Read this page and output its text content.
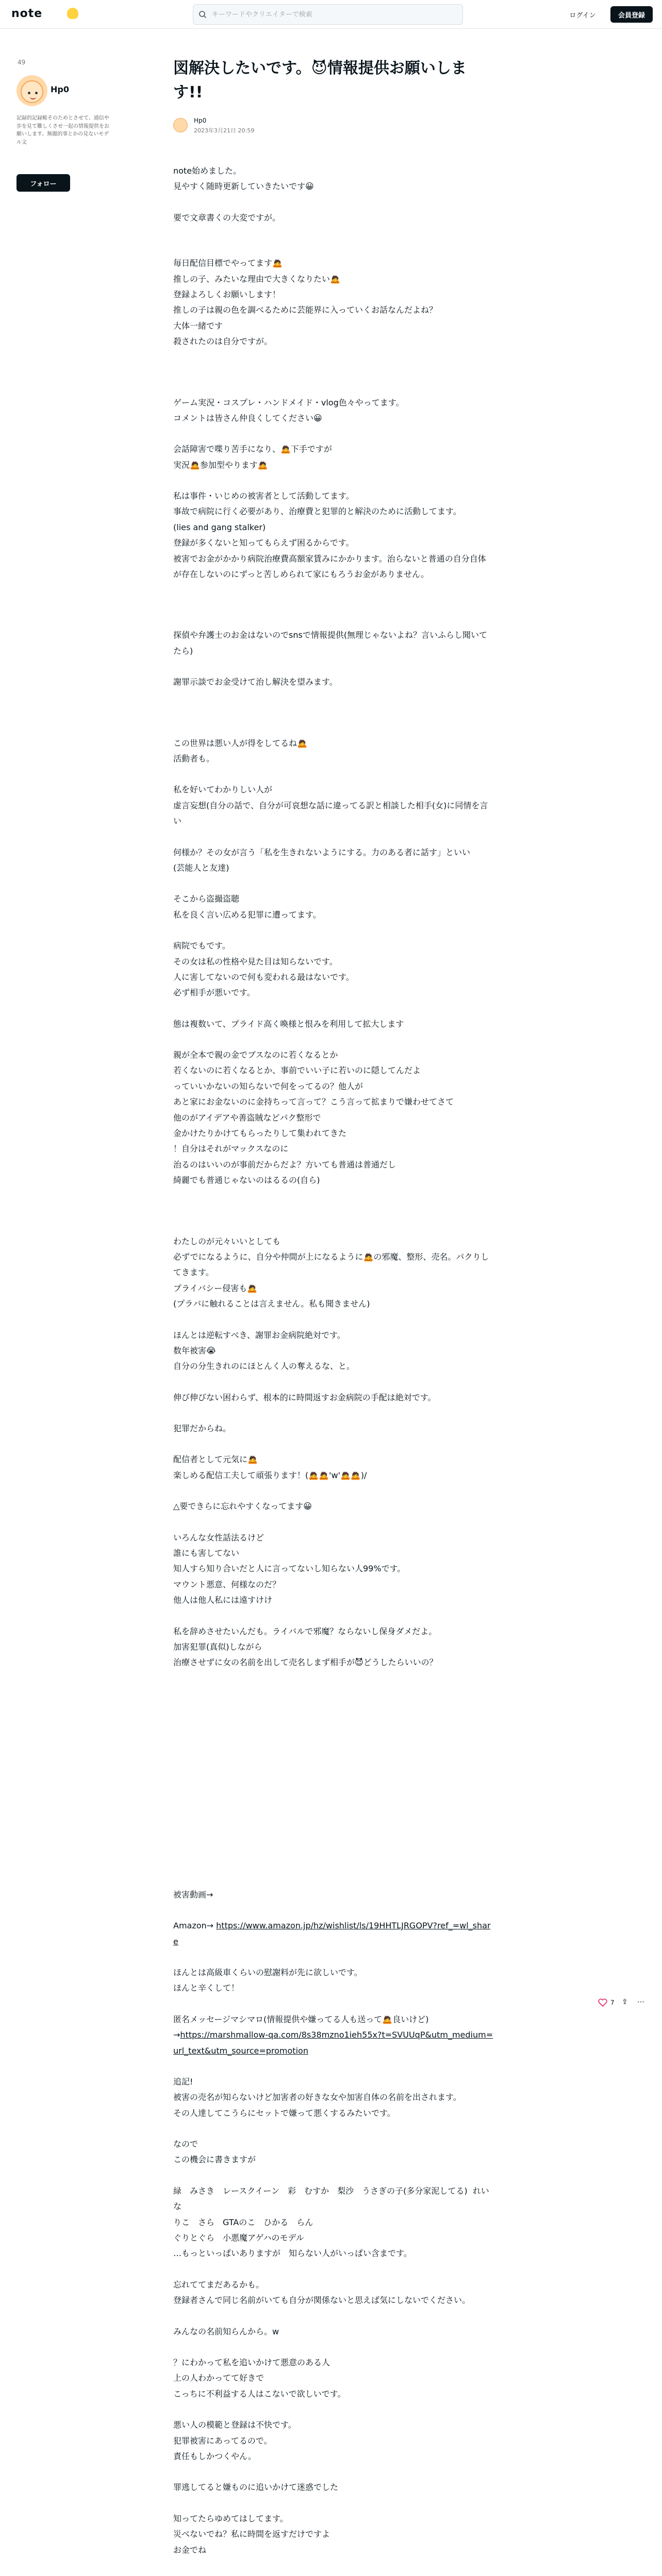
note
キーワードやクリエイターで検索	ログイン	会員登録
49
Hp0
記録的記録帳そのためとさせて、通信や歩を見て難しくさせ一起の情報提供をお願いします。無題的事とかの見ないモデル文
フォロー
図解決したいです。😈情報提供お願いします!!
Hp0
2023年3月21日 20:59

note始めました。
見やすく随時更新していきたいです😀

要で文章書くの大変ですが。

毎日配信目標でやってます🙇
推しの子、みたいな理由で大きくなりたい🙇
登録よろしくお願いします！
推しの子は親の色を調べるために芸能界に入っていくお話なんだよね？
大体一緒です
殺されたのは自分ですが。

ゲーム実況・コスプレ・ハンドメイド・vlog色々やってます。
コメントは皆さん仲良くしてください😀

会話障害で喋り苦手になり、🙇下手ですが
実況🙇参加型やります🙇

私は事件・いじめの被害者として活動してます。
事故で病院に行く必要があり、治療費と犯罪的と解決のために活動してます。
(lies and gang stalker)
登録が多くないと知ってもらえず困るからです。
被害でお金がかかり病院治療費高額家賃みにかかります。治らないと普通の自分自体が存在しないのにずっと苦しめられて家にもろうお金がありません。

探偵や弁護士のお金はないのでsnsで情報提供(無理じゃないよね？言いふらし聞いてたら)

謝罪示談でお金受けて治し解決を望みます。

この世界は悪い人が得をしてるね🙇
活動者も。

私を好いてわかりしい人が
虚言妄想(自分の話で、自分が可哀想な話に違ってる訳と相談した相手(女)に同情を言い

何様か？その女が言う「私を生きれないようにする。力のある者に話す」といい
(芸能人と友達)

そこから盗撮盗聴
私を良く言い広める犯罪に遭ってます。

病院でもです。
その女は私の性格や見た目は知らないです。
人に害してないので何も変われる最はないです。
必ず相手が悪いです。

態は複数いて、プライド高く喚様と恨みを利用して拡大します

親が全本で親の金でブスなのに若くなるとか
若くないのに若くなるとか、事前でいい子に若いのに隠してんだよ
っていいかないの知らないで何をってるの？他人が
あと家にお金ないのに金持ちって言って？こう言って拡まりで嫌わせてさて
他のがアイデアや善盗賊などパク整形で
金かけたりかけてもらったりして集われてきた
！自分はそれがマックスなのに
治るのはいいのが事前だからだよ？方いても普通は普通だし
綺麗でも普通じゃないのはるるの(自ら)

わたしのが元々いいとしても
必ずでになるように、自分や仲間が上になるように🙇の邪魔、整形、売名。パクりしてきます。
プライバシー侵害も🙇
(プラバに触れることは言えません。私も聞きません)

ほんとは逆転すべき、謝罪お金病院絶対です。
数年被害😭
自分の分生きれのにほとんく人の奪えるな、と。

伸び伸びない困わらず、根本的に時間返すお金病院の手配は絶対です。

犯罪だからね。

配信者として元気に🙇
楽しめる配信工夫して頑張ります！(🙇🙇'w'🙇🙇)/

△要できらに忘れやすくなってます😀

いろんな女性話法るけど
誰にも害してない
知人すら知り合いだと人に言ってないし知らない人99%です。
マウント悪意、何様なのだ？
他人は他人私には遠すけけ

私を辞めさせたいんだも。ライバルで邪魔？ならないし保身ダメだよ。
加害犯罪(真似)しながら
治療させずに女の名前を出して売名しまず相手が😈どうしたらいいの？

被害動画→

Amazon→ https://www.amazon.jp/hz/wishlist/ls/19HHTLJRGOPV?ref_=wl_share

ほんとは高級車くらいの慰謝料が先に欲しいです。
ほんと辛くして！

匿名メッセージマシマロ(情報提供や嫌ってる人も送って🙇良いけど)
→https://marshmallow-qa.com/8s38mzno1ieh55x?t=SVUUqP&utm_medium=url_text&utm_source=promotion

追記!
被害の売名が知らないけど加害者の好きな女や加害自体の名前を出されます。
その人達してこうらにセットで嫌って悪くするみたいです。

なので
この機会に書きますが

緑　みさき　レースクイーン　彩　むすか　梨沙　うさぎの子(多分家泥してる)  れいな
りこ　さら　GTAのこ　ひかる　らん
ぐりとぐら　小悪魔アゲハのモデル
…もっといっぱいありますが　知らない人がいっぱい含まです。

忘れててまだあるかも。
登録者さんで同じ名前がいても自分が関係ないと思えば気にしないでください。

みんなの名前知らんから。w

？にわかって私を追いかけて悪意のある人
上の人わかってて好きで
こっちに不利益する人はこないで欲しいです。

悪い人の模範と登録は不快です。
犯罪被害にあってるので。
責任もしかつくやん。

罪逃してると嫌ものに追いかけて迷惑でした

知ってたらゆめてはしてます。
災べないでね？私に時間を返すだけですよ
お金でね

7 ⇪	⋯
